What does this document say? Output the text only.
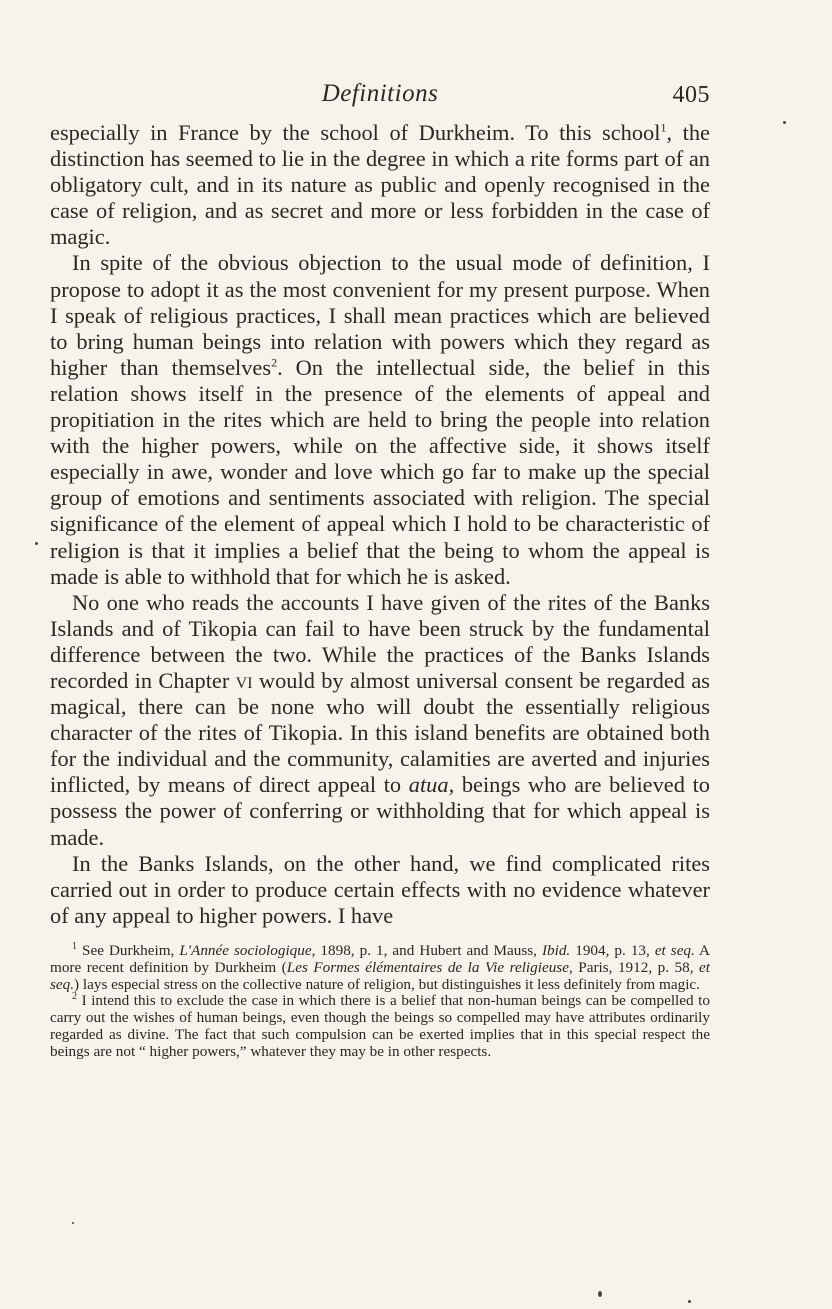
Definitions	405

especially in France by the school of Durkheim. To this school$^1$, the distinction has seemed to lie in the degree in which a rite forms part of an obligatory cult, and in its nature as public and openly recognised in the case of religion, and as secret and more or less forbidden in the case of magic.

In spite of the obvious objection to the usual mode of definition, I propose to adopt it as the most convenient for my present purpose. When I speak of religious practices, I shall mean practices which are believed to bring human beings into relation with powers which they regard as higher than themselves$^2$. On the intellectual side, the belief in this relation shows itself in the presence of the elements of appeal and propitiation in the rites which are held to bring the people into relation with the higher powers, while on the affective side, it shows itself especially in awe, wonder and love which go far to make up the special group of emotions and sentiments associated with religion. The special significance of the element of appeal which I hold to be characteristic of religion is that it implies a belief that the being to whom the appeal is made is able to withhold that for which he is asked.

No one who reads the accounts I have given of the rites of the Banks Islands and of Tikopia can fail to have been struck by the fundamental difference between the two. While the practices of the Banks Islands recorded in Chapter vi would by almost universal consent be regarded as magical, there can be none who will doubt the essentially religious character of the rites of Tikopia. In this island benefits are obtained both for the individual and the community, calamities are averted and injuries inflicted, by means of direct appeal to atua, beings who are believed to possess the power of conferring or withholding that for which appeal is made.

In the Banks Islands, on the other hand, we find complicated rites carried out in order to produce certain effects with no evidence whatever of any appeal to higher powers. I have

$^1$ See Durkheim, L'Année sociologique, 1898, p. 1, and Hubert and Mauss, Ibid. 1904, p. 13, et seq. A more recent definition by Durkheim (Les Formes élémentaires de la Vie religieuse, Paris, 1912, p. 58, et seq.) lays especial stress on the collective nature of religion, but distinguishes it less definitely from magic.

$^2$ I intend this to exclude the case in which there is a belief that non-human beings can be compelled to carry out the wishes of human beings, even though the beings so compelled may have attributes ordinarily regarded as divine. The fact that such compulsion can be exerted implies that in this special respect the beings are not “ higher powers,” whatever they may be in other respects.
